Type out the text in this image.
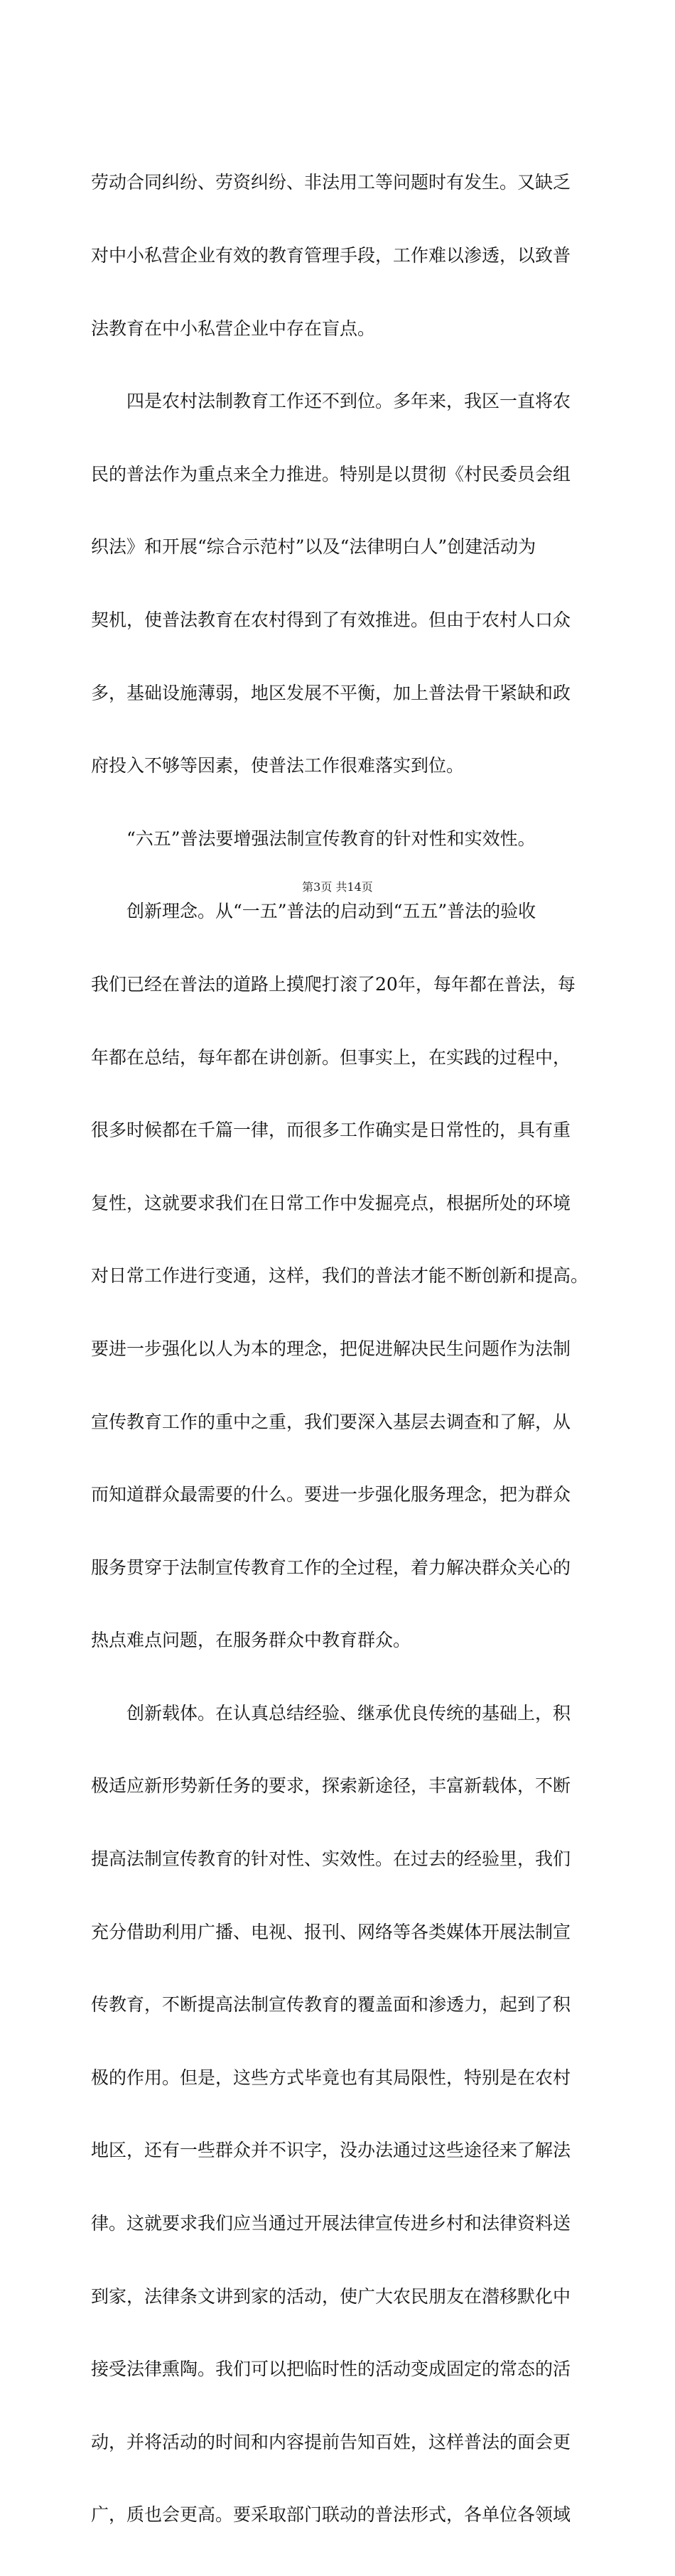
劳动合同纠纷、劳资纠纷、非法用工等问题时有发生。又缺乏

对中小私营企业有效的教育管理手段，工作难以渗透，以致普

法教育在中小私营企业中存在盲点。

　　四是农村法制教育工作还不到位。多年来，我区一直将农

民的普法作为重点来全力推进。特别是以贯彻《村民委员会组

织法》和开展“综合示范村”以及“法律明白人”创建活动为

契机，使普法教育在农村得到了有效推进。但由于农村人口众

多，基础设施薄弱，地区发展不平衡，加上普法骨干紧缺和政

府投入不够等因素，使普法工作很难落实到位。

　　“六五”普法要增强法制宣传教育的针对性和实效性。

　　创新理念。从“一五”普法的启动到“五五”普法的验收

我们已经在普法的道路上摸爬打滚了20年，每年都在普法，每

年都在总结，每年都在讲创新。但事实上，在实践的过程中，

很多时候都在千篇一律，而很多工作确实是日常性的，具有重

复性，这就要求我们在日常工作中发掘亮点，根据所处的环境

对日常工作进行变通，这样，我们的普法才能不断创新和提高。

要进一步强化以人为本的理念，把促进解决民生问题作为法制

宣传教育工作的重中之重，我们要深入基层去调查和了解，从

而知道群众最需要的什么。要进一步强化服务理念，把为群众

服务贯穿于法制宣传教育工作的全过程，着力解决群众关心的

热点难点问题，在服务群众中教育群众。

　　创新载体。在认真总结经验、继承优良传统的基础上，积

极适应新形势新任务的要求，探索新途径，丰富新载体，不断

提高法制宣传教育的针对性、实效性。在过去的经验里，我们

充分借助利用广播、电视、报刊、网络等各类媒体开展法制宣

传教育，不断提高法制宣传教育的覆盖面和渗透力，起到了积

极的作用。但是，这些方式毕竟也有其局限性，特别是在农村

地区，还有一些群众并不识字，没办法通过这些途径来了解法

律。这就要求我们应当通过开展法律宣传进乡村和法律资料送

到家，法律条文讲到家的活动，使广大农民朋友在潜移默化中

接受法律熏陶。我们可以把临时性的活动变成固定的常态的活

动，并将活动的时间和内容提前告知百姓，这样普法的面会更

广，质也会更高。要采取部门联动的普法形式，各单位各领域

第3页 共14页
